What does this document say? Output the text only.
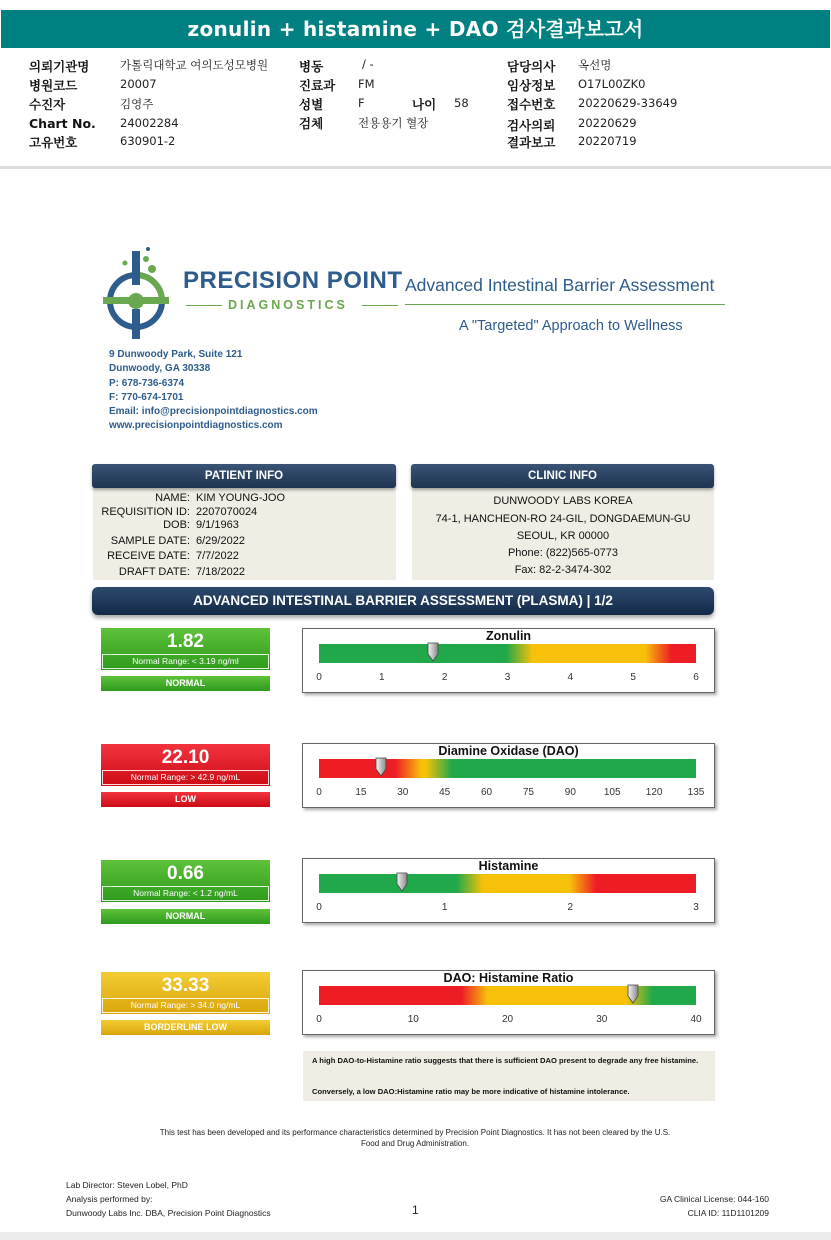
zonulin + histamine + DAO 검사결과보고서
의뢰기관명	가톨릭대학교 여의도성모병원
병원코드	20007
수진자	김영주
Chart No. 24002284
고유번호	630901-2
병동	/ -
진료과 FM
성별	F	나이 58
검체	전용용기 혈장
담당의사 옥선명
임상정보 O17L00ZK0
접수번호 20220629-33649
검사의뢰 20220629
결과보고 20220719
PRECISION POINT
DIAGNOSTICS
Advanced Intestinal Barrier Assessment
A "Targeted" Approach to Wellness
9 Dunwoody Park, Suite 121
Dunwoody, GA 30338
P: 678-736-6374
F: 770-674-1701
Email: info@precisionpointdiagnostics.com
www.precisionpointdiagnostics.com
PATIENT INFO
NAME: KIM YOUNG-JOO
REQUISITION ID: 2207070024
DOB: 9/1/1963
SAMPLE DATE: 6/29/2022
RECEIVE DATE: 7/7/2022
DRAFT DATE: 7/18/2022
CLINIC INFO
DUNWOODY LABS KOREA
74-1, HANCHEON-RO 24-GIL, DONGDAEMUN-GU
SEOUL, KR 00000
Phone: (822)565-0773
Fax: 82-2-3474-302
ADVANCED INTESTINAL BARRIER ASSESSMENT (PLASMA) | 1/2
1.82
Normal Range: < 3.19 ng/ml
NORMAL
22.10
Normal Range: > 42.9 ng/mL
LOW
0.66
Normal Range: < 1.2 ng/mL
NORMAL
33.33
Normal Range: > 34.0 ng/mL
BORDERLINE LOW
Zonulin
0	1	2	3	4	5	6
Diamine Oxidase (DAO)
0	15	30	45	60	75	90	105	120	135
Histamine
0	1	2	3
DAO: Histamine Ratio
0	10	20	30	40
A high DAO-to-Histamine ratio suggests that there is sufficient DAO present to degrade any free histamine.
Conversely, a low DAO:Histamine ratio may be more indicative of histamine intolerance.
This test has been developed and its performance characteristics determined by Precision Point Diagnostics. It has not been cleared by the U.S.
Food and Drug Administration.
Lab Director: Steven Lobel, PhD
Analysis performed by:
Dunwoody Labs Inc. DBA, Precision Point Diagnostics	1
GA Clinical License: 044-160
CLIA ID: 11D1101209
